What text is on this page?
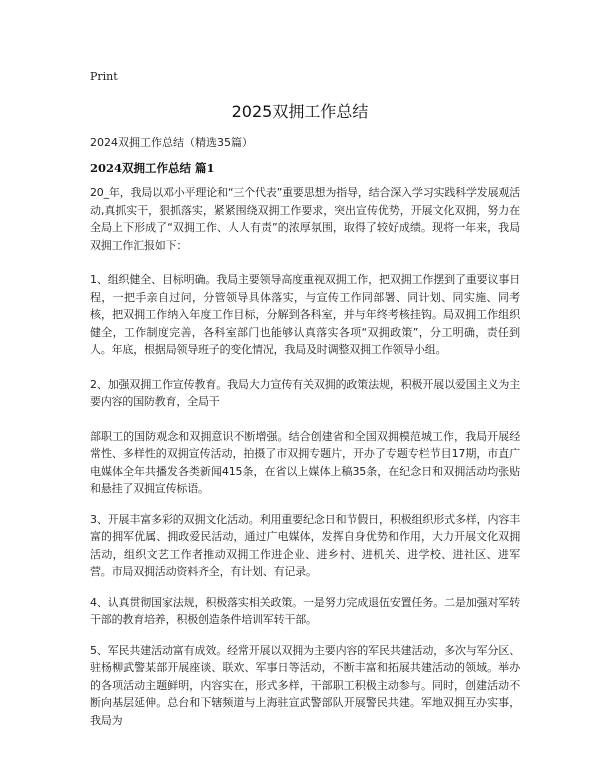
Print
2025双拥工作总结
2024双拥工作总结（精选35篇）
2024双拥工作总结 篇1

20_年，我局以邓小平理论和“三个代表”重要思想为指导，结合深入学习实践科学发展观活动,真抓实干，狠抓落实，紧紧围绕双拥工作要求，突出宣传优势，开展文化双拥，努力在全局上下形成了“双拥工作、人人有责”的浓厚氛围，取得了较好成绩。现将一年来，我局双拥工作汇报如下：

1、组织健全、目标明确。我局主要领导高度重视双拥工作，把双拥工作摆到了重要议事日程，一把手亲自过问，分管领导具体落实，与宣传工作同部署、同计划、同实施、同考核，把双拥工作纳入年度工作目标，分解到各科室，并与年终考核挂钩。局双拥工作组织健全，工作制度完善，各科室部门也能够认真落实各项“双拥政策”，分工明确，责任到人。年底，根据局领导班子的变化情况，我局及时调整双拥工作领导小组。

2、加强双拥工作宣传教育。我局大力宣传有关双拥的政策法规，积极开展以爱国主义为主要内容的国防教育，全局干

部职工的国防观念和双拥意识不断增强。结合创建省和全国双拥模范城工作，我局开展经常性、多样性的双拥宣传活动，拍摄了市双拥专题片，开办了专题专栏节目17期，市直广电媒体全年共播发各类新闻415条，在省以上媒体上稿35条，在纪念日和双拥活动均张贴和悬挂了双拥宣传标语。

3、开展丰富多彩的双拥文化活动。利用重要纪念日和节假日，积极组织形式多样，内容丰富的拥军优属、拥政爱民活动，通过广电媒体，发挥自身优势和作用，大力开展文化双拥活动，组织文艺工作者推动双拥工作进企业、进乡村、进机关、进学校、进社区、进军营。市局双拥活动资料齐全，有计划、有记录。

4、认真贯彻国家法规，积极落实相关政策。一是努力完成退伍安置任务。二是加强对军转干部的教育培养，积极创造条件培训军转干部。

5、军民共建活动富有成效。经常开展以双拥为主要内容的军民共建活动，多次与军分区、驻杨柳武警某部开展座谈、联欢、军事日等活动，不断丰富和拓展共建活动的领域。举办的各项活动主题鲜明，内容实在，形式多样，干部职工积极主动参与。同时，创建活动不断向基层延伸。总台和下辖频道与上海驻宣武警部队开展警民共建。军地双拥互办实事，我局为
